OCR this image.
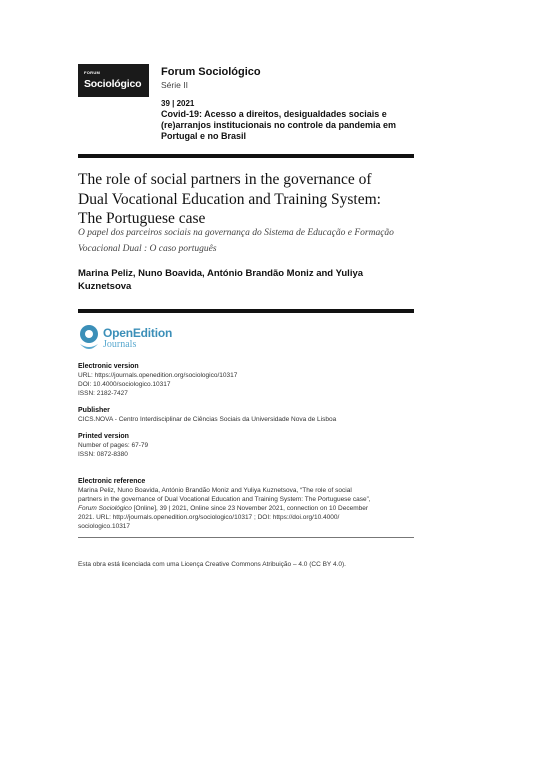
FORUM
Sociológico
Forum Sociológico
Série II
39 | 2021
Covid-19: Acesso a direitos, desigualdades sociais e (re)arranjos institucionais no controle da pandemia em Portugal e no Brasil
The role of social partners in the governance of
Dual Vocational Education and Training System:
The Portuguese case
O papel dos parceiros sociais na governança do Sistema de Educação e Formação
Vocacional Dual : O caso português
Marina Peliz, Nuno Boavida, António Brandão Moniz and Yuliya
Kuznetsova
OpenEdition
Journals
Electronic version
URL: https://journals.openedition.org/sociologico/10317
DOI: 10.4000/sociologico.10317
ISSN: 2182-7427
Publisher
CICS.NOVA - Centro Interdisciplinar de Ciências Sociais da Universidade Nova de Lisboa
Printed version
Number of pages: 67-79
ISSN: 0872-8380
Electronic reference
Marina Peliz, Nuno Boavida, António Brandão Moniz and Yuliya Kuznetsova, “The role of social
partners in the governance of Dual Vocational Education and Training System: The Portuguese case”,
Forum Sociológico [Online], 39 | 2021, Online since 23 November 2021, connection on 10 December
2021. URL: http://journals.openedition.org/sociologico/10317 ; DOI: https://doi.org/10.4000/
sociologico.10317
Esta obra está licenciada com uma Licença Creative Commons Atribuição – 4.0 (CC BY 4.0).
